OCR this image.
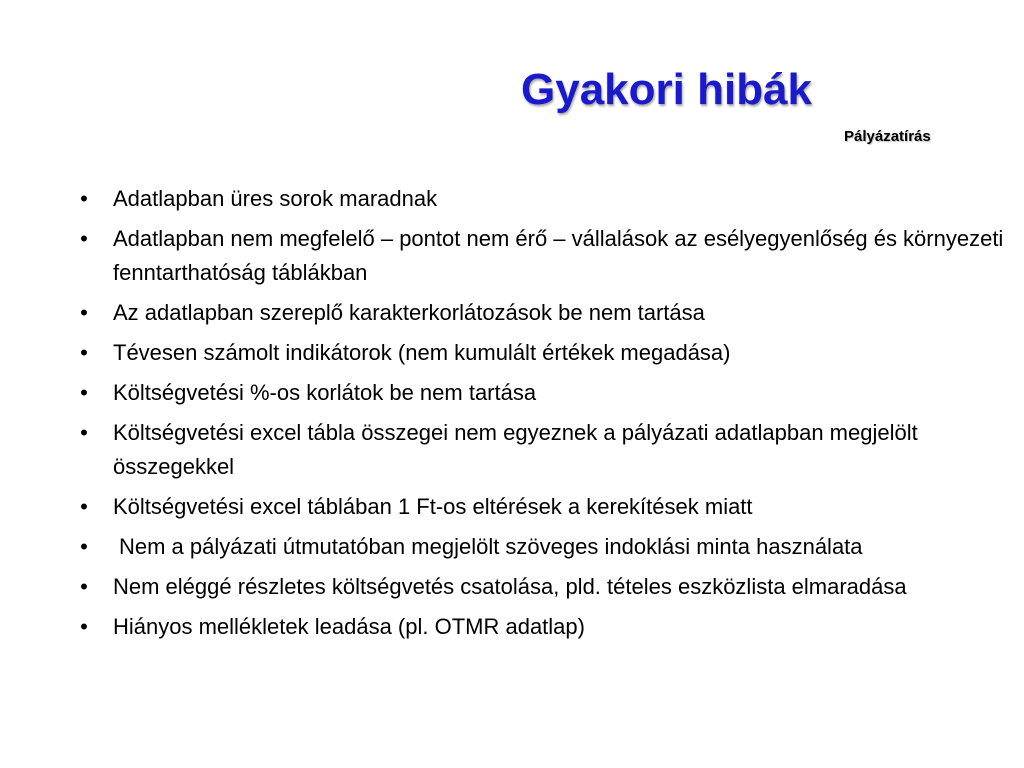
Gyakori hibák
Pályázatírás
• Adatlapban üres sorok maradnak
• Adatlapban nem megfelelő – pontot nem érő – vállalások az esélyegyenlőség és környezeti fenntarthatóság táblákban
• Az adatlapban szereplő karakterkorlátozások be nem tartása
• Tévesen számolt indikátorok (nem kumulált értékek megadása)
• Költségvetési %-os korlátok be nem tartása
• Költségvetési excel tábla összegei nem egyeznek a pályázati adatlapban megjelölt összegekkel
• Költségvetési excel táblában 1 Ft-os eltérések a kerekítések miatt
• Nem a pályázati útmutatóban megjelölt szöveges indoklási minta használata
• Nem eléggé részletes költségvetés csatolása, pld. tételes eszközlista elmaradása
• Hiányos mellékletek leadása (pl. OTMR adatlap)
